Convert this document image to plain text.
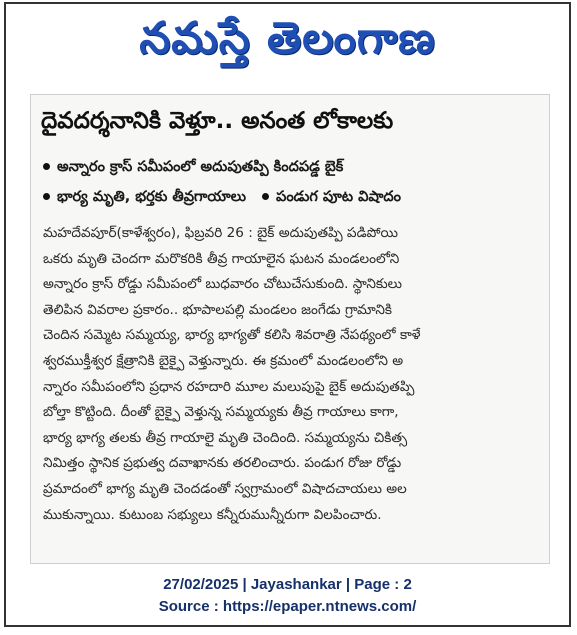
నమస్తే తెలంగాణ
దైవదర్శనానికి వెళ్తూ.. అనంత లోకాలకు
అన్నారం క్రాస్ సమీపంలో అదుపుతప్పి కిందపడ్డ బైక్
భార్య మృతి, భర్తకు తీవ్రగాయాలు పండుగ పూట విషాదం
మహదేవపూర్(కాళేశ్వరం), ఫిబ్రవరి 26 : బైక్ అదుపుతప్పి పడిపోయి
ఒకరు మృతి చెందగా మరొకరికి తీవ్ర గాయాలైన ఘటన మండలంలోని
అన్నారం క్రాస్ రోడ్డు సమీపంలో బుధవారం చోటుచేసుకుంది. స్థానికులు
తెలిపిన వివరాల ప్రకారం.. భూపాలపల్లి మండలం జంగేడు గ్రామానికి
చెందిన సమ్మెట సమ్మయ్య, భార్య భాగ్యతో కలిసి శివరాత్రి నేపథ్యంలో కాళే
శ్వరముక్తీశ్వర క్షేత్రానికి బైక్పై వెళ్తున్నారు. ఈ క్రమంలో మండలంలోని అ
న్నారం సమీపంలోని ప్రధాన రహదారి మూల మలుపుపై బైక్ అదుపుతప్పి
బోల్తా కొట్టింది. దీంతో బైక్పై వెళ్తున్న సమ్మయ్యకు తీవ్ర గాయాలు కాగా,
భార్య భాగ్య తలకు తీవ్ర గాయాలై మృతి చెందింది. సమ్మయ్యను చికిత్స
నిమిత్తం స్థానిక ప్రభుత్వ దవాఖానకు తరలించారు. పండుగ రోజు రోడ్డు
ప్రమాదంలో భాగ్య మృతి చెందడంతో స్వగ్రామంలో విషాదచాయలు అల
ముకున్నాయి. కుటుంబ సభ్యులు కన్నీరుమున్నీరుగా విలపించారు.
27/02/2025 | Jayashankar | Page : 2
Source : https://epaper.ntnews.com/
